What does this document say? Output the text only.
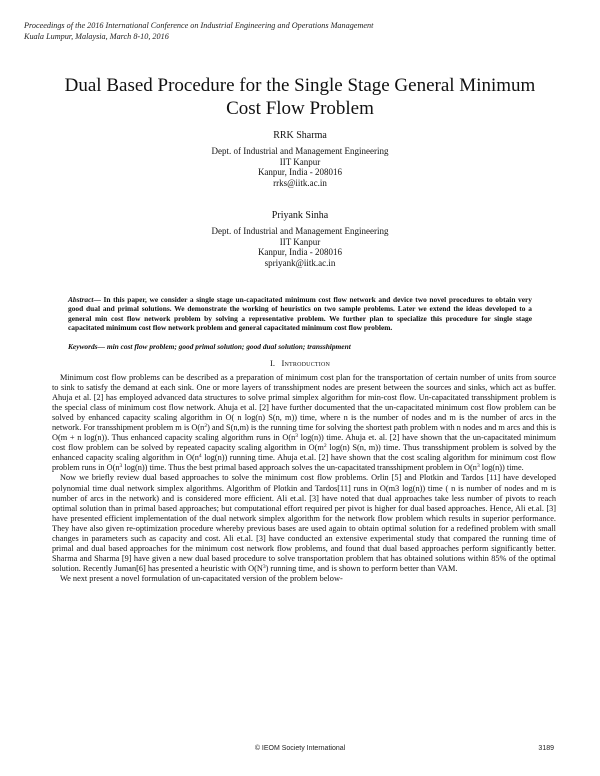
Proceedings of the 2016 International Conference on Industrial Engineering and Operations Management
Kuala Lumpur, Malaysia, March 8-10, 2016
Dual Based Procedure for the Single Stage General Minimum
Cost Flow Problem
RRK Sharma
Dept. of Industrial and Management Engineering
IIT Kanpur
Kanpur, India - 208016
rrks@iitk.ac.in
Priyank Sinha
Dept. of Industrial and Management Engineering
IIT Kanpur
Kanpur, India - 208016
spriyank@iitk.ac.in
Abstract— In this paper, we consider a single stage un-capacitated minimum cost flow network and device two novel procedures to obtain very good dual and primal solutions. We demonstrate the working of heuristics on two sample problems. Later we extend the ideas developed to a general min cost flow network problem by solving a representative problem. We further plan to specialize this procedure for single stage capacitated minimum cost flow network problem and general capacitated minimum cost flow problem.
Keywords— min cost flow problem; good primal solution; good dual solution; transshipment
I. Introduction

Minimum cost flow problems can be described as a preparation of minimum cost plan for the transportation of certain number of units from source to sink to satisfy the demand at each sink. One or more layers of transshipment nodes are present between the sources and sinks, which act as buffer. Ahuja et al. [2] has employed advanced data structures to solve primal simplex algorithm for min-cost flow. Un-capacitated transshipment problem is the special class of minimum cost flow network. Ahuja et al. [2] have further documented that the un-capacitated minimum cost flow problem can be solved by enhanced capacity scaling algorithm in O( n log(n) S(n, m)) time, where n is the number of nodes and m is the number of arcs in the network. For transshipment problem m is $O(n^2)$ and S(n,m) is the running time for solving the shortest path problem with n nodes and m arcs and this is O(m + n log(n)). Thus enhanced capacity scaling algorithm runs in $O(n^3$ log(n)) time. Ahuja et. al. [2] have shown that the un-capacitated minimum cost flow problem can be solved by repeated capacity scaling algorithm in $O(m^2$ log(n) S(n, m)) time. Thus transshipment problem is solved by the enhanced capacity scaling algorithm in $O(n^4$ log(n)) running time. Ahuja et.al. [2] have shown that the cost scaling algorithm for minimum cost flow problem runs in $O(n^3$ log(n)) time. Thus the best primal based approach solves the un-capacitated transshipment problem in $O(n^3$ log(n)) time.

Now we briefly review dual based approaches to solve the minimum cost flow problems. Orlin [5] and Plotkin and Tardos [11] have developed polynomial time dual network simplex algorithms. Algorithm of Plotkin and Tardos[11] runs in O(m3 log(n)) time ( n is number of nodes and m is number of arcs in the network) and is considered more efficient. Ali et.al. [3] have noted that dual approaches take less number of pivots to reach optimal solution than in primal based approaches; but computational effort required per pivot is higher for dual based approaches. Hence, Ali et.al. [3] have presented efficient implementation of the dual network simplex algorithm for the network flow problem which results in superior performance. They have also given re-optimization procedure whereby previous bases are used again to obtain optimal solution for a redefined problem with small changes in parameters such as capacity and cost. Ali et.al. [3] have conducted an extensive experimental study that compared the running time of primal and dual based approaches for the minimum cost network flow problems, and found that dual based approaches perform significantly better. Sharma and Sharma [9] have given a new dual based procedure to solve transportation problem that has obtained solutions within 85% of the optimal solution. Recently Juman[6] has presented a heuristic with $O(N^3)$ running time, and is shown to perform better than VAM.

We next present a novel formulation of un-capacitated version of the problem below-

© IEOM Society International	3189
